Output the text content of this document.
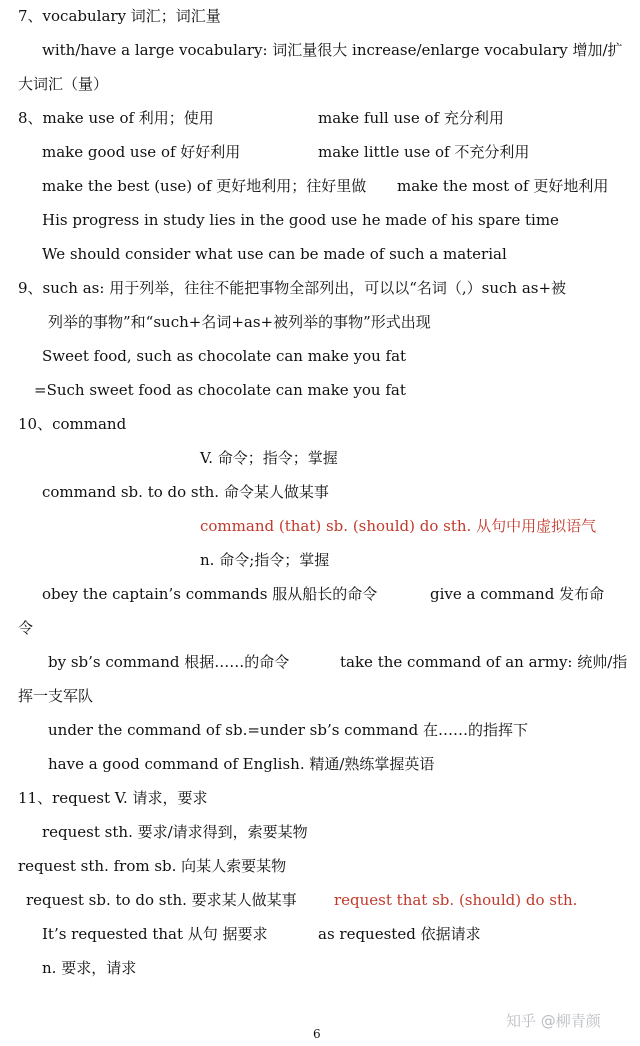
7、vocabulary 词汇；词汇量
with/have a large vocabulary: 词汇量很大 increase/enlarge vocabulary 增加/扩
大词汇（量）
8、make use of 利用；使用	make full use of 充分利用
make good use of 好好利用	make little use of 不充分利用
make the best (use) of 更好地利用；往好里做 make the most of 更好地利用
His progress in study lies in the good use he made of his spare time
We should consider what use can be made of such a material
9、such as: 用于列举，往往不能把事物全部列出，可以以“名词（,）such as+被
列举的事物”和“such+名词+as+被列举的事物”形式出现
Sweet food, such as chocolate can make you fat
=Such sweet food as chocolate can make you fat
10、command
V. 命令；指令；掌握
command sb. to do sth. 命令某人做某事
command (that) sb. (should) do sth. 从句中用虚拟语气
n. 命令;指令；掌握
obey the captain’s commands 服从船长的命令	give a command 发布命
令
by sb’s command 根据……的命令	take the command of an army: 统帅/指
挥一支军队
under the command of sb.=under sb’s command 在……的指挥下
have a good command of English. 精通/熟练掌握英语
11、request V. 请求，要求
request sth. 要求/请求得到，索要某物
request sth. from sb. 向某人索要某物
request sb. to do sth. 要求某人做某事 request that sb. (should) do sth.
It’s requested that 从句 据要求	as requested 依据请求
n. 要求，请求
知乎 @柳青颜
6
